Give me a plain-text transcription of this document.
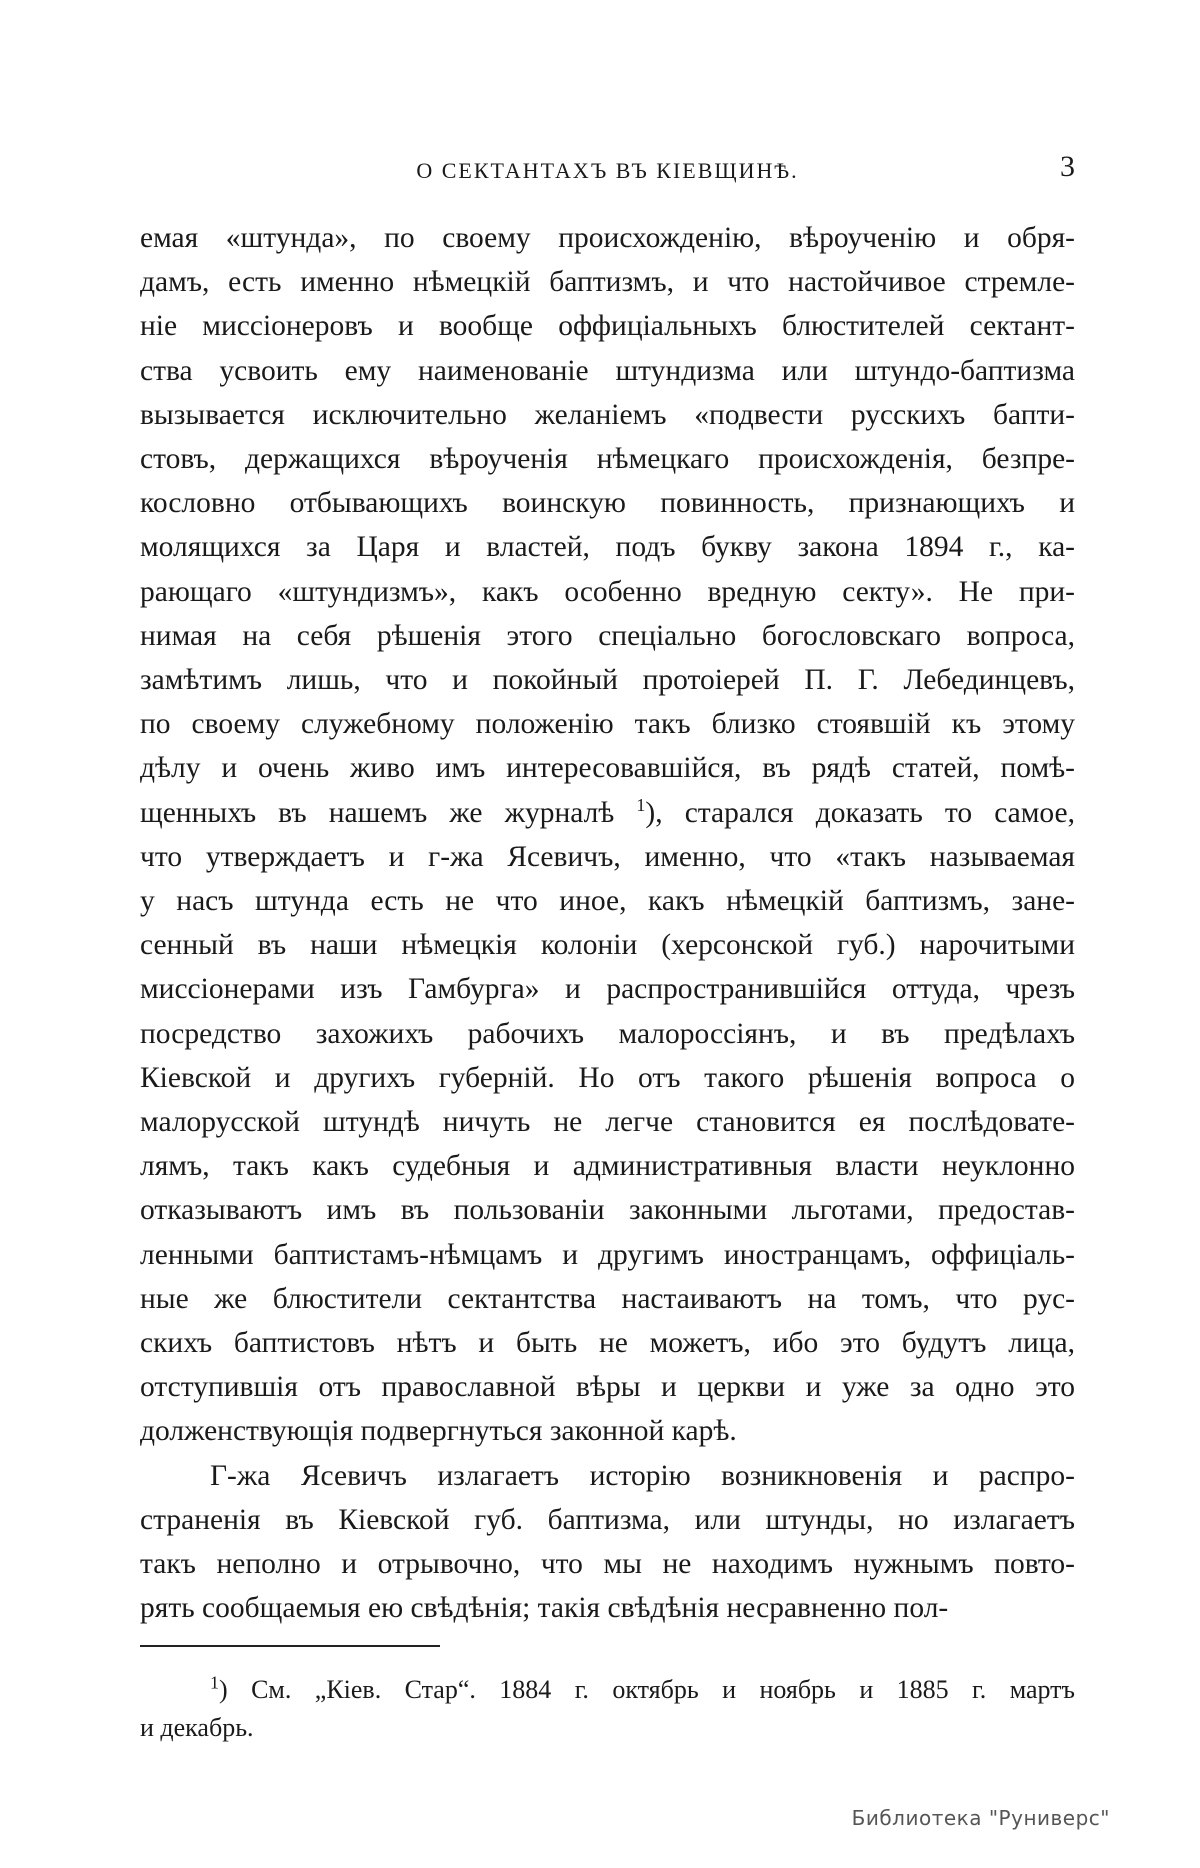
О СЕКТАНТАХЪ ВЪ КІЕВЩИНѢ.	3

емая «штунда», по своему происхожденію, вѣроученію и обря-
дамъ, есть именно нѣмецкій баптизмъ, и что настойчивое стремле-
ніе миссіонеровъ и вообще оффиціальныхъ блюстителей сектант-
ства усвоить ему наименованіе штундизма или штундо-баптизма
вызывается исключительно желаніемъ «подвести русскихъ бапти-
стовъ, держащихся вѣроученія нѣмецкаго происхожденія, безпре-
кословно отбывающихъ воинскую повинность, признающихъ и
молящихся за Царя и властей, подъ букву закона 1894 г., ка-
рающаго «штундизмъ», какъ особенно вредную секту». Не при-
нимая на себя рѣшенія этого спеціально богословскаго вопроса,
замѣтимъ лишь, что и покойный протоіерей П. Г. Лебединцевъ,
по своему служебному положенію такъ близко стоявшій къ этому
дѣлу и очень живо имъ интересовавшійся, въ рядѣ статей, помѣ-
щенныхъ въ нашемъ же журналѣ $^1$), старался доказать то самое,
что утверждаетъ и г-жа Ясевичъ, именно, что «такъ называемая
у насъ штунда есть не что иное, какъ нѣмецкій баптизмъ, зане-
сенный въ наши нѣмецкія колоніи (херсонской губ.) нарочитыми
миссіонерами изъ Гамбурга» и распространившійся оттуда, чрезъ
посредство захожихъ рабочихъ малороссіянъ, и въ предѣлахъ
Кіевской и другихъ губерній. Но отъ такого рѣшенія вопроса о
малорусской штундѣ ничуть не легче становится ея послѣдовате-
лямъ, такъ какъ судебныя и административныя власти неуклонно
отказываютъ имъ въ пользованіи законными льготами, предостав-
ленными баптистамъ-нѣмцамъ и другимъ иностранцамъ, оффиціаль-
ные же блюстители сектантства настаиваютъ на томъ, что рус-
скихъ баптистовъ нѣтъ и быть не можетъ, ибо это будутъ лица,
отступившія отъ православной вѣры и церкви и уже за одно это
долженствующія подвергнуться законной карѣ.

Г-жа Ясевичъ излагаетъ исторію возникновенія и распро-
страненія въ Кіевской губ. баптизма, или штунды, но излагаетъ
такъ неполно и отрывочно, что мы не находимъ нужнымъ повто-
рять сообщаемыя ею свѣдѣнія; такія свѣдѣнія несравненно пол-

$^1$) См. „Кіев. Стар“. 1884 г. октябрь и ноябрь и 1885 г. мартъ
и декабрь.
Библиотека "Руниверс"
